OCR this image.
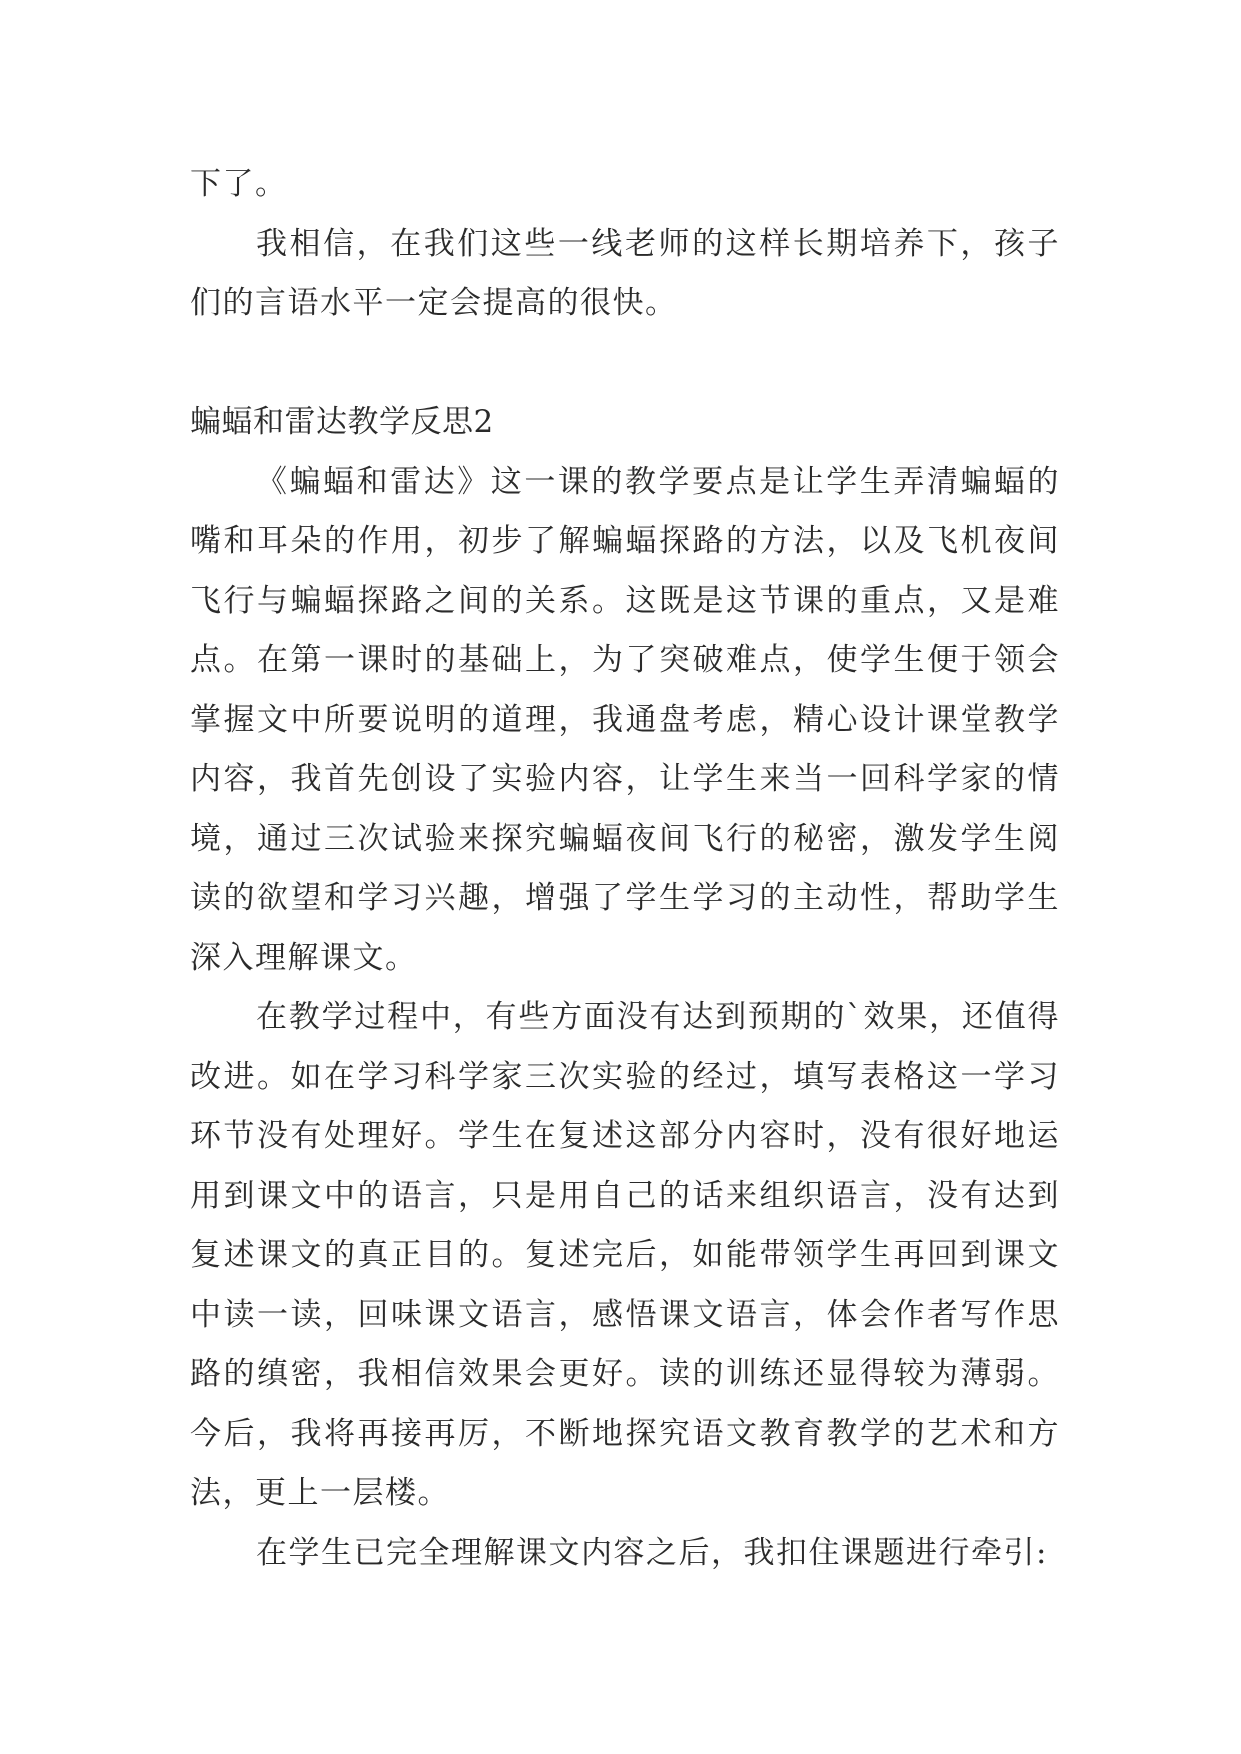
下了。

我相信，在我们这些一线老师的这样长期培养下，孩子们的言语水平一定会提高的很快。

蝙蝠和雷达教学反思2

《蝙蝠和雷达》这一课的教学要点是让学生弄清蝙蝠的嘴和耳朵的作用，初步了解蝙蝠探路的方法，以及飞机夜间飞行与蝙蝠探路之间的关系。这既是这节课的重点，又是难点。在第一课时的基础上，为了突破难点，使学生便于领会掌握文中所要说明的道理，我通盘考虑，精心设计课堂教学内容，我首先创设了实验内容，让学生来当一回科学家的情境，通过三次试验来探究蝙蝠夜间飞行的秘密，激发学生阅读的欲望和学习兴趣，增强了学生学习的主动性，帮助学生深入理解课文。

在教学过程中，有些方面没有达到预期的`效果，还值得改进。如在学习科学家三次实验的经过，填写表格这一学习环节没有处理好。学生在复述这部分内容时，没有很好地运用到课文中的语言，只是用自己的话来组织语言，没有达到复述课文的真正目的。复述完后，如能带领学生再回到课文中读一读，回味课文语言，感悟课文语言，体会作者写作思路的缜密，我相信效果会更好。读的训练还显得较为薄弱。今后，我将再接再厉，不断地探究语文教育教学的艺术和方法，更上一层楼。

在学生已完全理解课文内容之后，我扣住课题进行牵引:
